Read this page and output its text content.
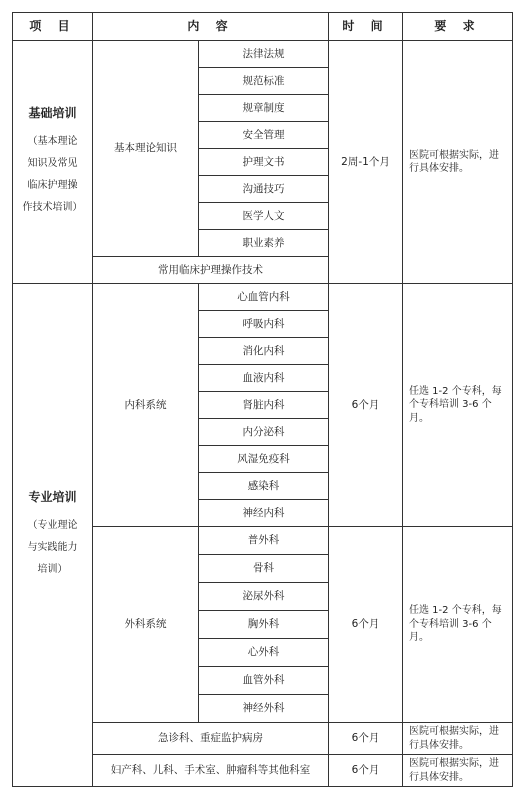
项 目	内 容		时 间	要 求

基础培训
（基本理论
知识及常见
临床护理操
作技术培训）	基本理论知识	法律法规	2周-1个月	医院可根据实际，进行具体安排。
		规范标准		
		规章制度		
		安全管理		
		护理文书		
		沟通技巧		
		医学人文		
		职业素养		
	常用临床护理操作技术			

专业培训
（专业理论
与实践能力
培训）	内科系统	心血管内科	6个月	任选 1-2 个专科，每个专科培训 3-6 个月。
		呼吸内科		
		消化内科		
		血液内科		
		肾脏内科		
		内分泌科		
		风湿免疫科		
		感染科		
		神经内科		
	外科系统	普外科	6个月	任选 1-2 个专科，每个专科培训 3-6 个月。
		骨科		
		泌尿外科		
		胸外科		
		心外科		
		血管外科		
		神经外科		
	急诊科、重症监护病房		6个月	医院可根据实际，进行具体安排。
	妇产科、儿科、手术室、肿瘤科等其他科室		6个月	医院可根据实际，进行具体安排。
